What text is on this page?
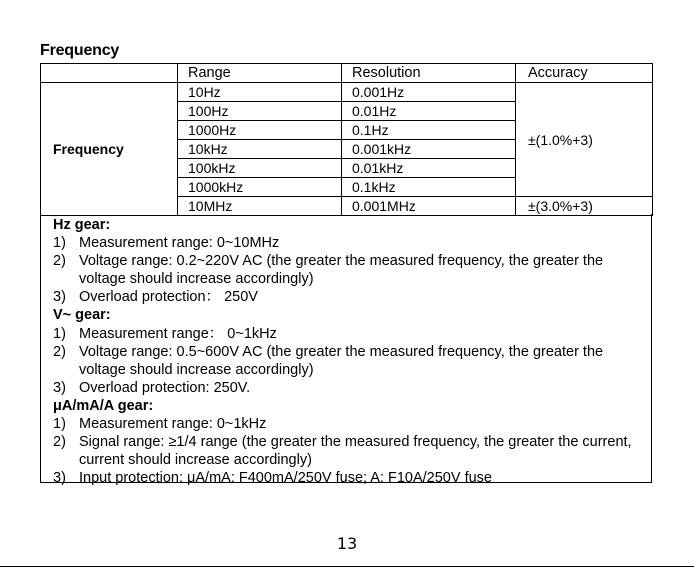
Frequency
	Range	Resolution	Accuracy
Frequency	10Hz	0.001Hz	±(1.0%+3)
	100Hz	0.01Hz	
	1000Hz	0.1Hz	
	10kHz	0.001kHz	
	100kHz	0.01kHz	
	1000kHz	0.1kHz	
	10MHz	0.001MHz	±(3.0%+3)
Hz gear:
1) Measurement range: 0~10MHz
2) Voltage range: 0.2~220V AC (the greater the measured frequency, the greater the voltage should increase accordingly)
3) Overload protection： 250V
V~ gear:
1) Measurement range： 0~1kHz
2) Voltage range: 0.5~600V AC (the greater the measured frequency, the greater the voltage should increase accordingly)
3) Overload protection: 250V.
μA/mA/A gear:
1) Measurement range: 0~1kHz
2) Signal range: ≥1/4 range (the greater the measured frequency, the greater the current, current should increase accordingly)
3) Input protection: μA/mA: F400mA/250V fuse; A: F10A/250V fuse
13
